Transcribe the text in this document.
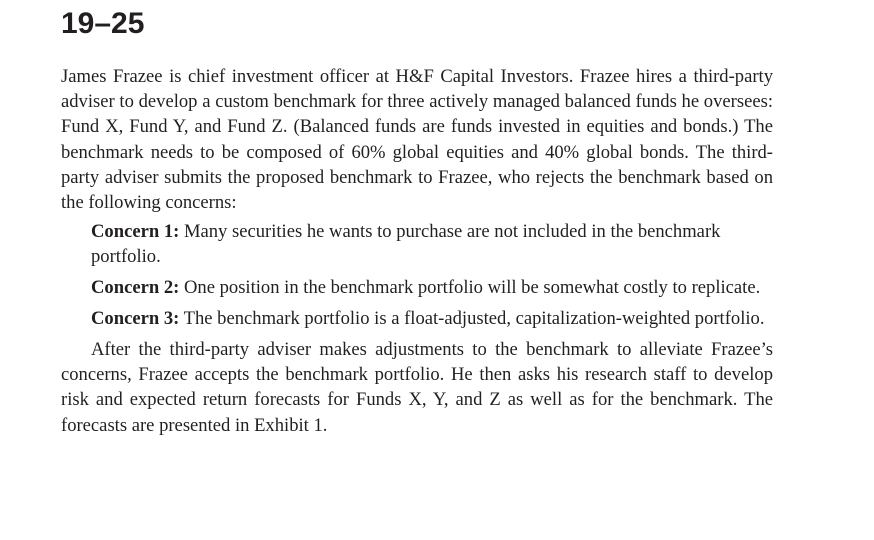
19–25

James Frazee is chief investment officer at H&F Capital Investors. Frazee hires a third-party adviser to develop a custom benchmark for three actively managed balanced funds he oversees: Fund X, Fund Y, and Fund Z. (Balanced funds are funds invested in equities and bonds.) The benchmark needs to be composed of 60% global equities and 40% global bonds. The third-party adviser submits the proposed benchmark to Frazee, who rejects the benchmark based on the following concerns:

Concern 1: Many securities he wants to purchase are not included in the benchmark portfolio.

Concern 2: One position in the benchmark portfolio will be somewhat costly to replicate.

Concern 3: The benchmark portfolio is a float-adjusted, capitalization-weighted portfolio.

After the third-party adviser makes adjustments to the benchmark to alleviate Frazee’s concerns, Frazee accepts the benchmark portfolio. He then asks his research staff to develop risk and expected return forecasts for Funds X, Y, and Z as well as for the benchmark. The forecasts are presented in Exhibit 1.
